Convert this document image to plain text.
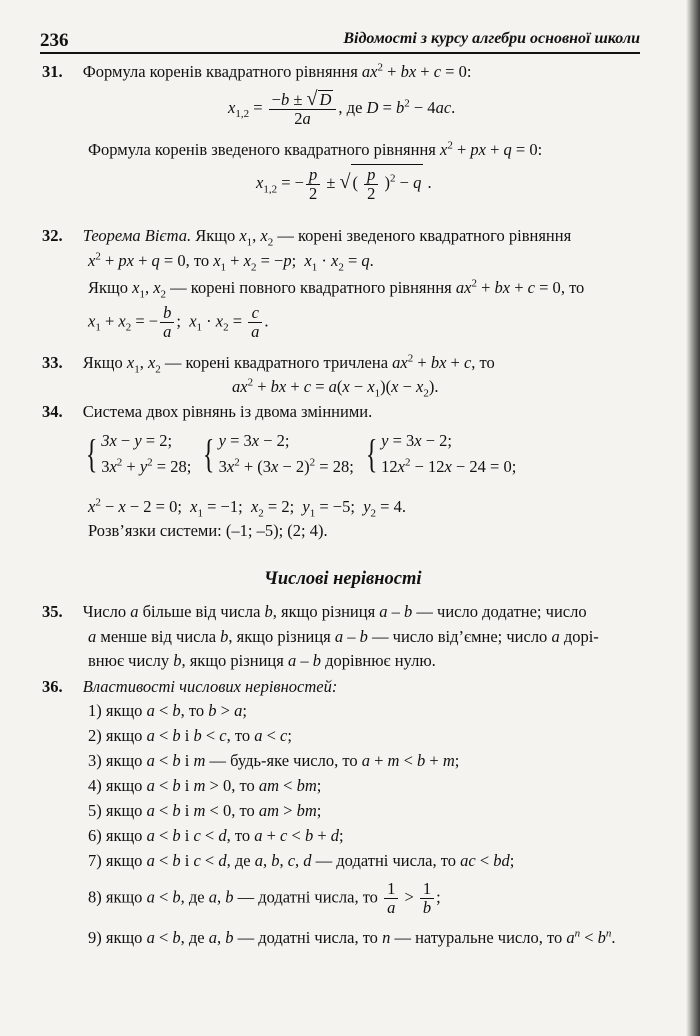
236	Відомості з курсу алгебри основної школи
31. Формула коренів квадратного рівняння $ax^2$ + bx + c = 0:
$x_{1,2} = \frac{-b \pm √ D}{2a}$ , де $D = b^2 - 4ac$.
Формула коренів зведеного квадратного рівняння $x^2$ + px + q = 0:
$x_{1,2}$ = − $\frac{p}{2}$ ± √ ( $\frac{p}{2} )^2 - q$ .
32. Теорема Вієта. Якщо $x_1$, $x_2$ — корені зведеного квадратного рівняння
$x^2$ + px + q = 0, то $x_1 + x_2 = -p$;  $x_1 \cdot x_2 = q$.
Якщо $x_1$, $x_2$ — корені повного квадратного рівняння $ax^2$ + bx + c = 0, то
$x_1 + x_2$ = − $\frac{b}{a}$ ;  $x_1 \cdot x_2 = \frac{c}{a}$ .
33. Якщо $x_1$, $x_2$ — корені квадратного тричлена $ax^2$ + bx + c, то
$ax^2$ + bx + $c = a(x - x_1)(x - x_2)$.
34. Система двох рівнянь із двома змінними.
{ 3x − y = 2;
$3x^2 + y^2 = 28$; { y = 3x − 2;
$3x^2 + (3x - 2)^2 = 28$; { y = 3x − 2;
$12x^2 - 12x - 24 = 0$;
$x^2 - x - 2 = 0$;  $x_1 = -1$;  $x_2 = 2$;  $y_1 = -5$;  $y_2 = 4$.
Розв’язки системи: (–1; –5); (2; 4).
Числові нерівності
35. Число a більше від числа b, якщо різниця a – b — число додатне; число
a менше від числа b, якщо різниця a – b — число від’ємне; число a дорі-
внює числу b, якщо різниця a – b дорівнює нулю.
36. Властивості числових нерівностей:
1) якщо a < b, то b > a;
2) якщо a < b і b < c, то a < c;
3) якщо a < b і m — будь-яке число, то a + m < b + m;
4) якщо a < b і m > 0, то am < bm;
5) якщо a < b і m < 0, то am > bm;
6) якщо a < b і c < d, то a + c < b + d;
7) якщо a < b і c < d, де a, b, c, d — додатні числа, то ac < bd;
8) якщо a < b, де a, b — додатні числа, то $\frac{1}{a} > \frac{1}{b}$ ;
9) якщо a < b, де a, b — додатні числа, то n — натуральне число, то $a^n < b^n$.
